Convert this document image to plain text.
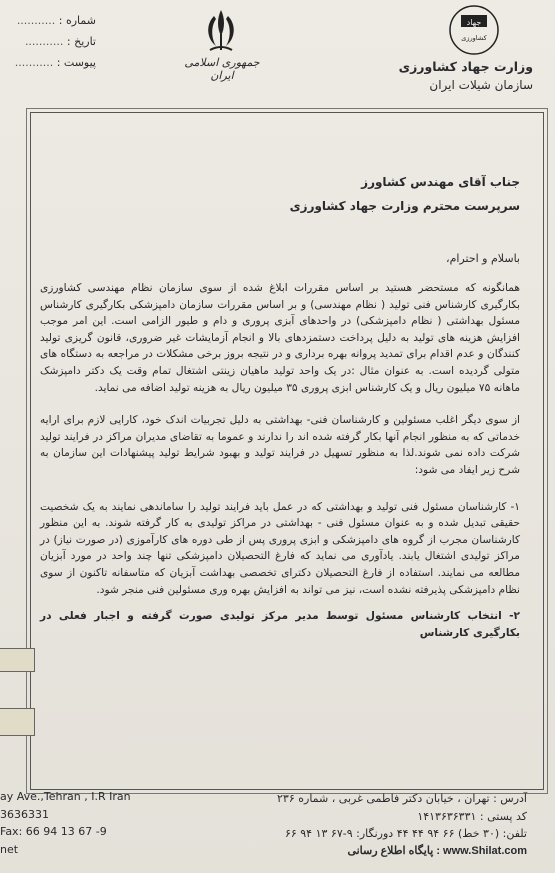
شماره : ...........
تاریخ : ...........
پیوست : ...........	جمهوری اسلامی ایران
جهاد
کشاورزی
وزارت جهاد کشاورزی
سازمان شیلات ایران
جناب آقای مهندس کشاورز
سرپرست محترم وزارت جهاد کشاورزی
باسلام و احترام،
همانگونه که مستحضر هستید بر اساس مقررات ابلاغ شده از سوی سازمان نظام مهندسی کشاورزی بکارگیری کارشناس فنی تولید ( نظام مهندسی) و بر اساس مقررات سازمان دامپزشکی بکارگیری کارشناس مسئول بهداشتی ( نظام دامپزشکی) در واحدهای آبزی پروری و دام و طیور الزامی است. این امر موجب افزایش هزینه های تولید به دلیل پرداخت دستمزدهای بالا و انجام آزمایشات غیر ضروری، قانون گریزی تولید کنندگان و عدم اقدام برای تمدید پروانه بهره برداری و در نتیجه بروز برخی مشکلات در مراجعه به دستگاه های متولی گردیده است. به عنوان مثال :در یک واحد تولید ماهیان زینتی اشتغال تمام وقت یک دکتر دامپزشک ماهانه ۷۵ میلیون ریال و یک کارشناس ابزی پروری ۳۵ میلیون ریال به هزینه تولید اضافه می نماید.
از سوی دیگر اغلب مسئولین و کارشناسان فنی- بهداشتی به دلیل تجربیات اندک خود، کارایی لازم برای ارایه خدماتی که به منظور انجام آنها بکار گرفته شده اند را ندارند و عموما به تقاضای مدیران مراکز در فرایند تولید شرکت داده نمی شوند.لذا به منظور تسهیل در فرایند تولید و بهبود شرایط تولید پیشنهادات این سازمان به شرح زیر ایفاد می شود:
۱- کارشناسان مسئول فنی تولید و بهداشتی که در عمل باید فرایند تولید را ساماندهی نمایند به یک شخصیت حقیقی تبدیل شده و به عنوان مسئول فنی - بهداشتی در مراکز تولیدی به کار گرفته شوند. به این منظور کارشناسان مجرب از گروه های دامپزشکی و ابزی پروری پس از طی دوره های کارآموزی (در صورت نیاز) در مراکز تولیدی اشتغال یابند. یادآوری می نماید که فارغ التحصیلان دامپزشکی تنها چند واحد در مورد آبزیان مطالعه می نمایند. استفاده از فارغ التحصیلان دکترای تخصصی بهداشت آبزیان که متاسفانه تاکنون از سوی نظام دامپزشکی پذیرفته نشده است، نیز می تواند به افزایش بهره وری مسئولین فنی منجر شود.
۲- انتخاب کارشناس مسئول توسط مدیر مرکز تولیدی صورت گرفته و اجبار فعلی در بکارگیری کارشناس
ay Ave.,Tehran , I.R Iran
3636331
Fax: 66 94 13 67 -9
net
آدرس : تهران ، خیابان دکتر فاطمی غربی ، شماره ۲۳۶
کد پستی : ۱۴۱۳۶۳۶۳۳۱
تلفن: (۳۰ خط) ۶۶ ۹۴ ۴۴ ۴۴ دورنگار: ۹-۶۷ ۱۳ ۹۴ ۶۶
www.Shilat.com : پایگاه اطلاع رسانی
